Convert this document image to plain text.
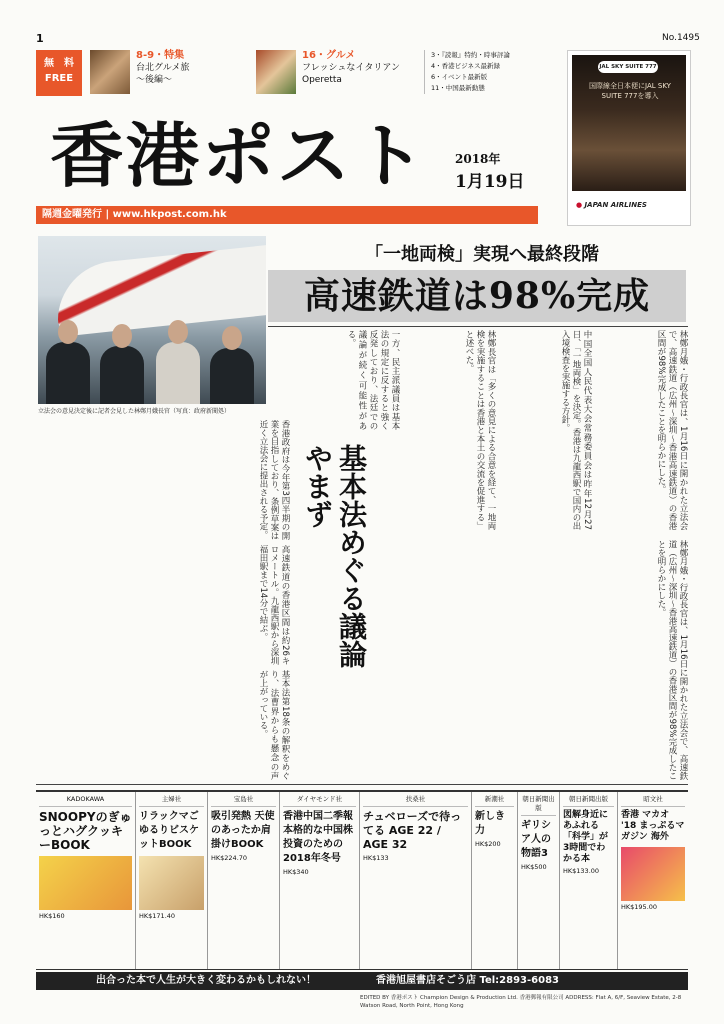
1	No.1495
無　料
FREE
8-9・特集
台北グルメ旅
〜後編〜
16・グルメ
フレッシュなイタリアン
Operetta
3・『読報』特約・時事評論
4・香港ビジネス最新録
6・イベント最新版
11・中国最新動態
JAL SKY SUITE 777
国際線全日本便にJAL SKY SUITE 777を導入
● JAPAN AIRLINES
香港ポスト 2018年
1月19日
隔週金曜発行 | www.hkpost.com.hk
立法会の意見決定後に記者会見した林鄭月娥長官（写真：政府新聞処）
「一地両検」実現へ最終段階
高速鉄道は98%完成
林鄭月娥・行政長官は、1月16日に開かれた立法会で、高速鉄道（広州〜深圳〜香港高速鉄道）の香港区間が98%完成したことを明らかにした。
中国全国人民代表大会常務委員会は昨年12月27日、「一地両検」を決定。香港は九龍西駅で国内の出入境検査を実施する方針。
林鄭長官は「多くの意見による合意を経て、一地両検を実施することは香港と本土の交流を促進する」と述べた。
一方、民主派議員は基本法の規定に反すると強く反発しており、法廷での議論が続く可能性がある。
基本法めぐる議論やまず
香港政府は今年第3四半期の開業を目指しており、条例草案は近く立法会に提出される予定。
高速鉄道の香港区間は約26キロメートル。九龍西駅から深圳福田駅まで14分で結ぶ。
基本法第18条の解釈をめぐり、法曹界からも懸念の声が上がっている。	林鄭月娥・行政長官は、1月16日に開かれた立法会で、高速鉄道（広州〜深圳〜香港高速鉄道）の香港区間が98%完成したことを明らかにした。
KADOKAWA
SNOOPYのぎゅっとハグクッキーBOOK
HK$160
主婦社
リラックマごゆるりビスケットBOOK
HK$171.40
宝島社
吸引発熱 天使のあったか肩掛けBOOK
HK$224.70
ダイヤモンド社
香港中国二季報 本格的な中国株投資のための2018年冬号
HK$340
扶桑社
チュベローズで待ってる AGE 22 / AGE 32
HK$133
新潮社
新しき力
HK$200
朝日新聞出版
ギリシア人の物語3
HK$500
朝日新聞出版
図解身近にあふれる「科学」が3時間でわかる本
HK$133.00
昭文社
香港 マカオ '18 まっぷるマガジン 海外
HK$195.00
出合った本で人生が大きく変わるかもしれない！	香港旭屋書店そごう店 Tel:2893-6083
EDITED BY 香港ポスト Champion Design & Production Ltd. 香港郵報有限公司 ADDRESS: Flat A, 6/F, Seaview Estate, 2-8 Watson Road, North Point, Hong Kong
